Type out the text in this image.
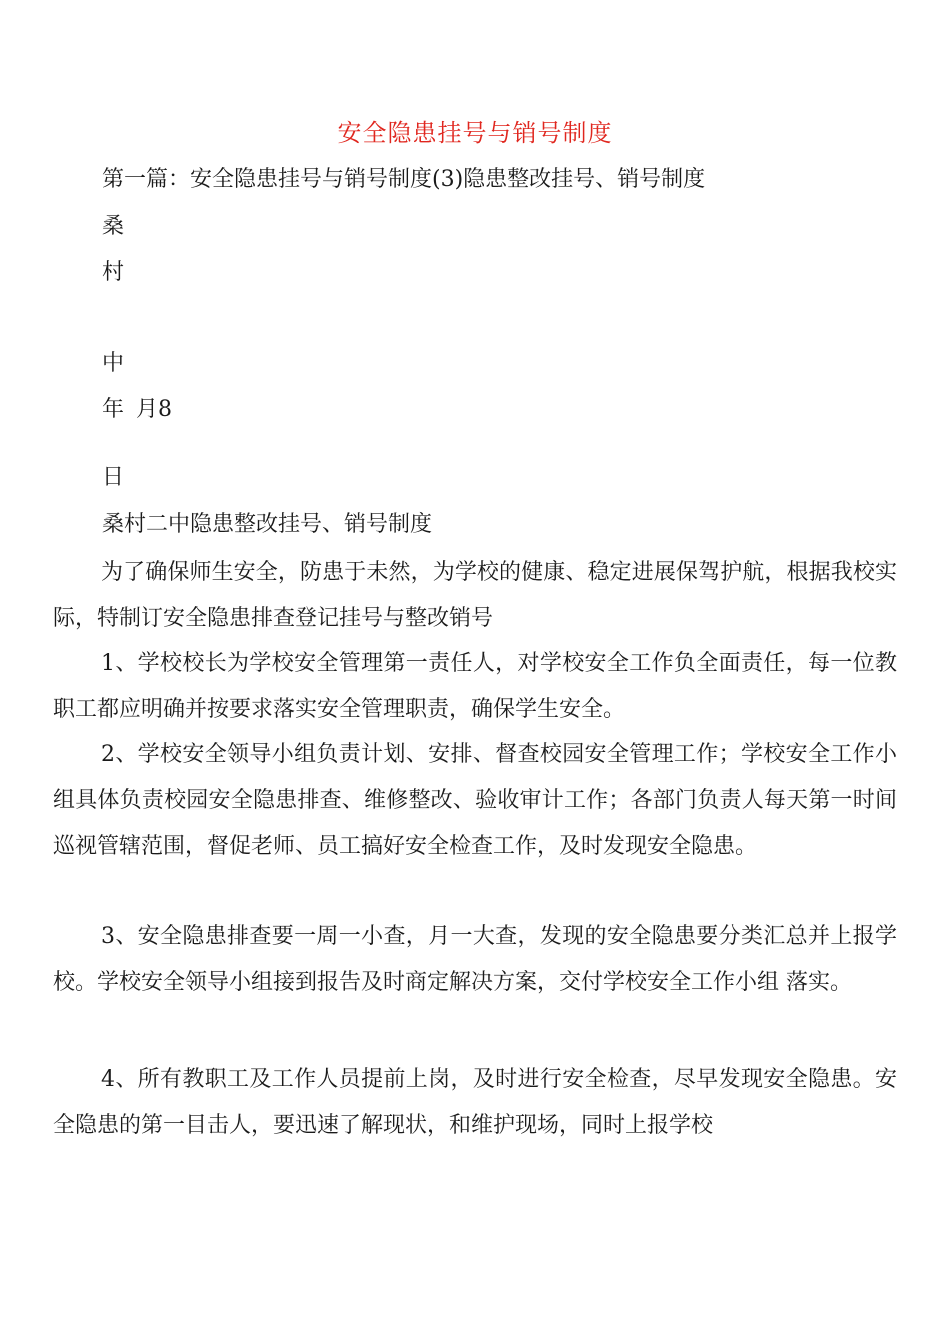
安全隐患挂号与销号制度
第一篇：安全隐患挂号与销号制度(3)隐患整改挂号、销号制度
桑
村
中
年 月8
日
桑村二中隐患整改挂号、销号制度
为了确保师生安全，防患于未然，为学校的健康、稳定进展保驾护航，根据我校实际，特制订安全隐患排查登记挂号与整改销号
1、学校校长为学校安全管理第一责任人，对学校安全工作负全面责任，每一位教职工都应明确并按要求落实安全管理职责，确保学生安全。
2、学校安全领导小组负责计划、安排、督查校园安全管理工作；学校安全工作小组具体负责校园安全隐患排查、维修整改、验收审计工作；各部门负责人每天第一时间巡视管辖范围，督促老师、员工搞好安全检查工作，及时发现安全隐患。
3、安全隐患排查要一周一小查，月一大查，发现的安全隐患要分类汇总并上报学校。学校安全领导小组接到报告及时商定解决方案，交付学校安全工作小组 落实。
4、所有教职工及工作人员提前上岗，及时进行安全检查，尽早发现安全隐患。安全隐患的第一目击人，要迅速了解现状，和维护现场，同时上报学校
